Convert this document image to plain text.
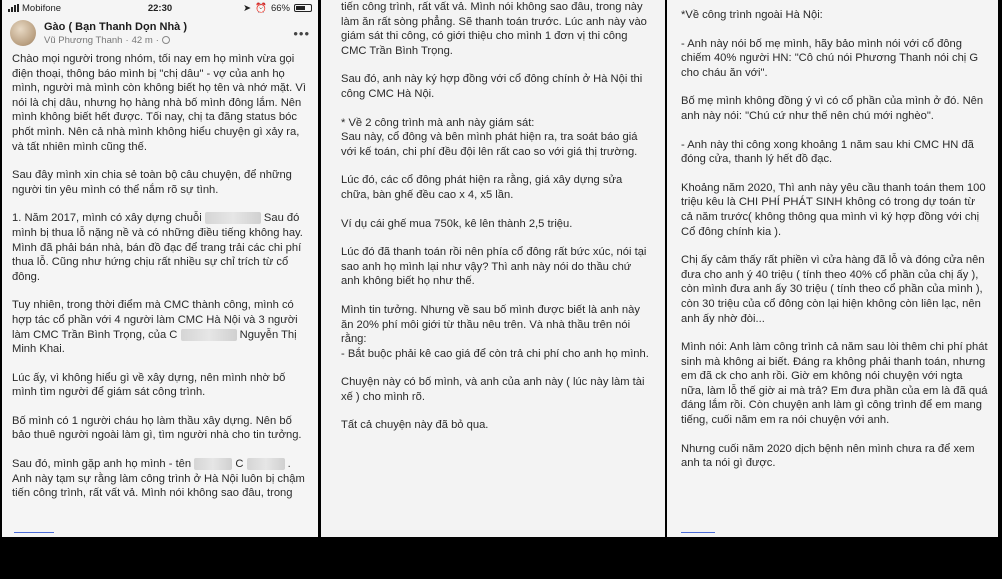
Mobifone	22:30	➤ ⏰ 66%
Gào ( Bạn Thanh Dọn Nhà )
Vũ Phương Thanh · 42 m ·	•••

Chào mọi người trong nhóm, tối nay em họ mình vừa gọi điện thoại, thông báo mình bị "chị dâu" - vợ của anh họ mình, người mà mình còn không biết họ tên và nhớ mặt. Vì nói là chị dâu, nhưng họ hàng nhà bố mình đông lắm. Nên mình không biết hết được. Tối nay, chị ta đăng status bóc phốt mình. Nên cả nhà mình không hiểu chuyện gì xảy ra, và tất nhiên mình cũng thế.

Sau đây mình xin chia sẻ toàn bộ câu chuyện, để những người tin yêu mình có thể nắm rõ sự tình.

1. Năm 2017, mình có xây dựng chuỗi	Sau đó mình bị thua lỗ nặng nề và có những điều tiếng không hay. Mình đã phải bán nhà, bán đồ đạc để trang trải các chi phí thua lỗ. Cũng như hứng chịu rất nhiều sự chỉ trích từ cổ đông.

Tuy nhiên, trong thời điểm mà CMC thành công, mình có hợp tác cổ phần với 4 người làm CMC Hà Nội và 3 người làm CMC Trần Bình Trọng, của C	Nguyễn Thị Minh Khai.

Lúc ấy, vì không hiểu gì về xây dựng, nên mình nhờ bố mình tìm người để giám sát công trình.

Bố mình có 1 người cháu họ làm thầu xây dựng. Nên bố bảo thuê người ngoài làm gì, tìm người nhà cho tin tưởng.

Sau đó, mình gặp anh họ mình - tên	C	. Anh này tạm sự rằng làm công trình ở Hà Nội luôn bị chậm tiến công trình, rất vất vả. Mình nói không sao đâu, trong

tiến công trình, rất vất vả. Mình nói không sao đâu, trong này làm ăn rất sòng phẳng. Sẽ thanh toán trước. Lúc anh này vào giám sát thi công, có giới thiệu cho mình 1 đơn vị thi công CMC Trần Bình Trọng.

Sau đó, anh này ký hợp đồng với cổ đông chính ở Hà Nội thi công CMC Hà Nội.

* Về 2 công trình mà anh này giám sát:
Sau này, cổ đông và bên mình phát hiện ra, tra soát báo giá với kế toán, chi phí đều đội lên rất cao so với giá thị trường.

Lúc đó, các cổ đông phát hiện ra rằng, giá xây dựng sửa chữa, bàn ghế đều cao x 4, x5 lần.

Ví dụ cái ghế mua 750k, kê lên thành 2,5 triệu.

Lúc đó đã thanh toán rồi nên phía cổ đông rất bức xúc, nói tại sao anh họ mình lại như vậy? Thì anh này nói do thầu chứ anh không biết họ như thế.

Mình tin tưởng. Nhưng về sau bố mình được biết là anh này ăn 20% phí môi giới từ thầu nêu trên. Và nhà thầu trên nói rằng:
- Bắt buộc phải kê cao giá để còn trả chi phí cho anh họ mình.

Chuyện này có bố mình, và anh của anh này ( lúc này làm tài xế ) cho mình rõ.

Tất cả chuyện này đã bỏ qua.

*Về công trình ngoài Hà Nội:

- Anh này nói bố mẹ mình, hãy bảo mình nói với cổ đông chiếm 40% người HN: "Cô chú nói Phương Thanh nói chị G cho cháu ăn với".

Bố mẹ mình không đồng ý vì có cổ phần của mình ở đó. Nên anh này nói: "Chú cứ như thế nên chú mới nghèo".

- Anh này thi công xong khoảng 1 năm sau khi CMC HN đã đóng cửa, thanh lý hết đồ đạc.

Khoảng năm 2020, Thì anh này yêu cầu thanh toán them 100 triệu kêu là CHI PHÍ PHÁT SINH không có trong dự toán từ cả năm trước( không thông qua mình vì ký hợp đồng với chị Cổ đông chính kia ).

Chị ấy cảm thấy rất phiền vì cửa hàng đã lỗ và đóng cửa nên đưa cho anh ý 40 triệu ( tính theo 40% cổ phần của chị ấy ), còn mình đưa anh ấy 30 triệu ( tính theo cổ phần của mình ), còn 30 triệu của cổ đông còn lại hiện không còn liên lạc, nên anh ấy nhờ đòi...

Mình nói: Anh làm công trình cả năm sau lòi thêm chi phí phát sinh mà không ai biết. Đáng ra không phải thanh toán, nhưng em đã ck cho anh rồi. Giờ em không nói chuyện với ngta nữa, làm lỗ thế giờ ai mà trả? Em đưa phần của em là đã quá đáng lắm rồi. Còn chuyện anh làm gì công trình để em mang tiếng, cuối năm em ra nói chuyện với anh.

Nhưng cuối năm 2020 dịch bệnh nên mình chưa ra để xem anh ta nói gì được.
